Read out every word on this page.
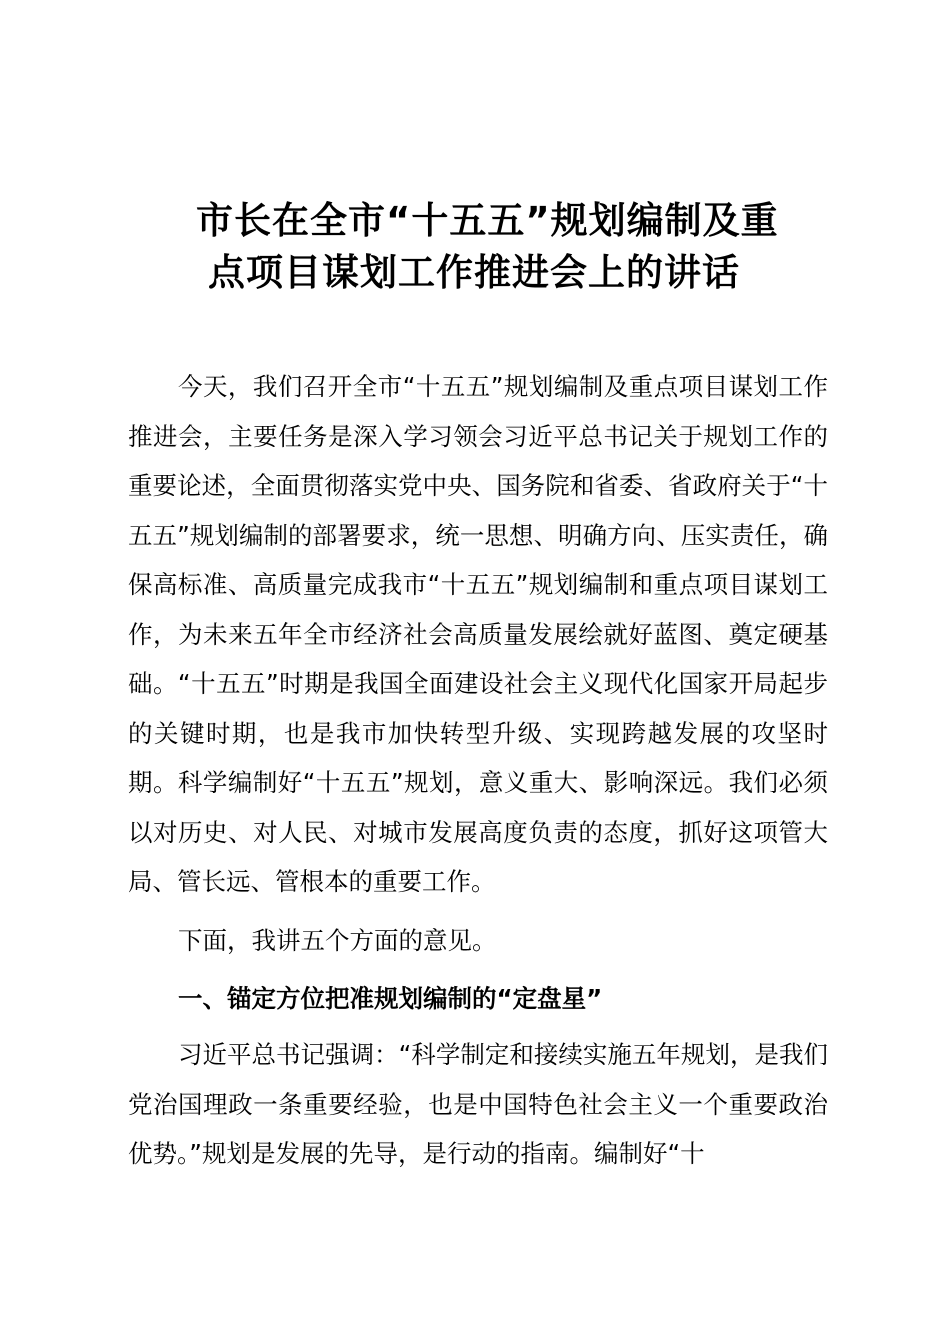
市长在全市“十五五”规划编制及重
点项目谋划工作推进会上的讲话
今天，我们召开全市“十五五”规划编制及重点项目谋划工作推进会，主要任务是深入学习领会习近平总书记关于规划工作的重要论述，全面贯彻落实党中央、国务院和省委、省政府关于“十五五”规划编制的部署要求，统一思想、明确方向、压实责任，确保高标准、高质量完成我市“十五五”规划编制和重点项目谋划工作，为未来五年全市经济社会高质量发展绘就好蓝图、奠定硬基础。“十五五”时期是我国全面建设社会主义现代化国家开局起步的关键时期，也是我市加快转型升级、实现跨越发展的攻坚时期。科学编制好“十五五”规划，意义重大、影响深远。我们必须以对历史、对人民、对城市发展高度负责的态度，抓好这项管大局、管长远、管根本的重要工作。
下面，我讲五个方面的意见。
一、锚定方位把准规划编制的“定盘星”
习近平总书记强调：“科学制定和接续实施五年规划，是我们党治国理政一条重要经验，也是中国特色社会主义一个重要政治优势。”规划是发展的先导，是行动的指南。编制好“十
